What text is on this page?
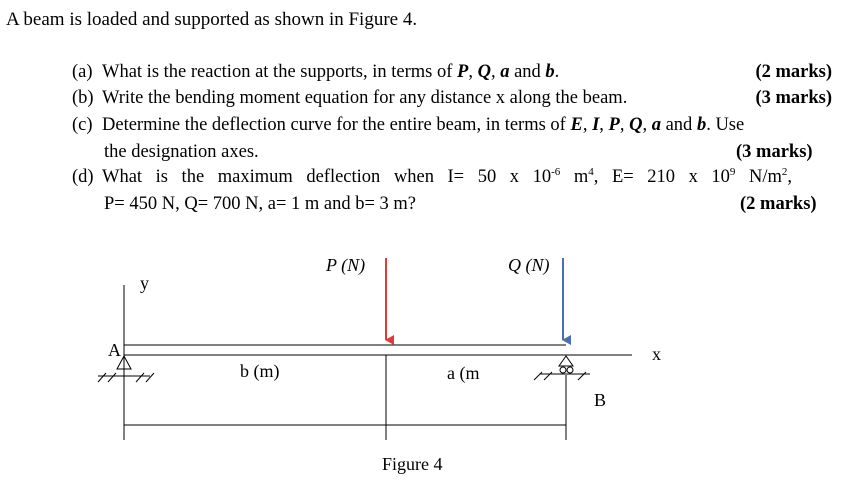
A beam is loaded and supported as shown in Figure 4.
(a) What is the reaction at the supports, in terms of P, Q, a and b.	(2 marks)
(b) Write the bending moment equation for any distance x along the beam.	(3 marks)
(c) Determine the deflection curve for the entire beam, in terms of E, I, P, Q, a and b. Use
the designation axes.	(3 marks)
(d) What is the maximum deflection when I= 50 x $10^{-6}$ $m^4$, E= 210 x $10^9$ $N/m^2$,
P= 450 N, Q= 700 N, a= 1 m and b= 3 m?	(2 marks)
P (N)	Q (N)
y
x
A
B
b (m)	a (m
Figure 4
